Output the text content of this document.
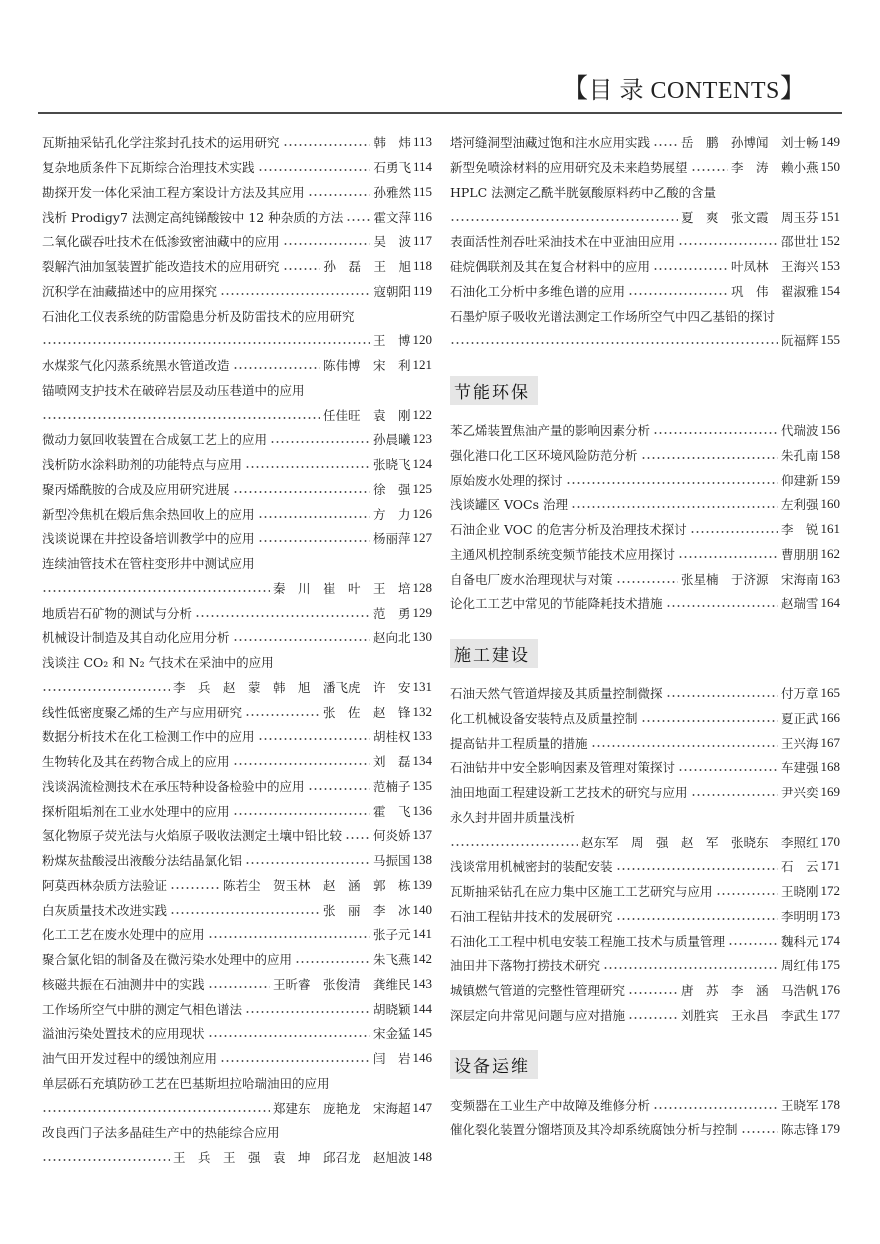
【目 录 CONTENTS】
瓦斯抽采钻孔化学注浆封孔技术的运用研究	韩　炜 113
复杂地质条件下瓦斯综合治理技术实践	石勇飞 114
勘探开发一体化采油工程方案设计方法及其应用	孙雅然 115
浅析 Prodigy7 法测定高纯锑酸铵中 12 种杂质的方法 霍文萍 116
二氧化碳吞吐技术在低渗致密油藏中的应用	吴　波 117
裂解汽油加氢装置扩能改造技术的应用研究	孙　磊　王　旭 118
沉积学在油藏描述中的应用探究	寇朝阳 119
石油化工仪表系统的防雷隐患分析及防雷技术的应用研究
王　博 120
水煤浆气化闪蒸系统黑水管道改造	陈伟博　宋　利 121
锚喷网支护技术在破碎岩层及动压巷道中的应用
任佳旺　袁　刚 122
微动力氨回收装置在合成氨工艺上的应用	孙晨曦 123
浅析防水涂料助剂的功能特点与应用	张晓飞 124
聚丙烯酰胺的合成及应用研究进展	徐　强 125
新型冷焦机在煅后焦余热回收上的应用	方　力 126
浅谈说课在井控设备培训教学中的应用	杨丽萍 127
连续油管技术在管柱变形井中测试应用
秦　川　崔　叶　王　培 128
地质岩石矿物的测试与分析	范　勇 129
机械设计制造及其自动化应用分析	赵向北 130
浅谈注 CO₂ 和 N₂ 气技术在采油中的应用
李　兵　赵　蒙　韩　旭　潘飞虎　许　安 131
线性低密度聚乙烯的生产与应用研究	张　佐　赵　锋 132
数据分析技术在化工检测工作中的应用	胡桂权 133
生物转化及其在药物合成上的应用	刘　磊 134
浅谈涡流检测技术在承压特种设备检验中的应用	范楠子 135
探析阻垢剂在工业水处理中的应用	霍　飞 136
氢化物原子荧光法与火焰原子吸收法测定土壤中铅比较 何炎娇 137
粉煤灰盐酸浸出液酸分法结晶氯化铝	马振国 138
阿莫西林杂质方法验证	陈若尘　贺玉林　赵　涵　郭　栋 139
白灰质量技术改进实践	张　丽　李　冰 140
化工工艺在废水处理中的应用	张子元 141
聚合氯化铝的制备及在微污染水处理中的应用	朱飞燕 142
核磁共振在石油测井中的实践	王昕睿　张俊清　龚维民 143
工作场所空气中肼的测定气相色谱法	胡晓颖 144
溢油污染处置技术的应用现状	宋金猛 145
油气田开发过程中的缓蚀剂应用	闫　岩 146
单层砾石充填防砂工艺在巴基斯坦拉哈瑞油田的应用
郑建东　庞艳龙　宋海超 147
改良西门子法多晶硅生产中的热能综合应用
王　兵　王　强　袁　坤　邱召龙　赵旭波 148
塔河缝洞型油藏过饱和注水应用实践 岳　鹏　孙博闻　刘士畅 149
新型免喷涂材料的应用研究及未来趋势展望	李　涛　赖小燕 150
HPLC 法测定乙酰半胱氨酸原料药中乙酸的含量
夏　爽　张文霞　周玉芬 151
表面活性剂吞吐采油技术在中亚油田应用	邵世壮 152
硅烷偶联剂及其在复合材料中的应用	叶凤林　王海兴 153
石油化工分析中多维色谱的应用	巩　伟　翟淑雅 154
石墨炉原子吸收光谱法测定工作场所空气中四乙基铅的探讨
阮福辉 155
节能环保
苯乙烯装置焦油产量的影响因素分析	代瑞波 156
强化港口化工区环境风险防范分析	朱孔南 158
原始废水处理的探讨	仰建新 159
浅谈罐区 VOCs 治理	左利强 160
石油企业 VOC 的危害分析及治理技术探讨	李　锐 161
主通风机控制系统变频节能技术应用探讨	曹朋朋 162
自备电厂废水治理现状与对策	张星楠　于济源　宋海南 163
论化工工艺中常见的节能降耗技术措施	赵瑞雪 164
施工建设
石油天然气管道焊接及其质量控制微探	付万章 165
化工机械设备安装特点及质量控制	夏正武 166
提高钻井工程质量的措施	王兴海 167
石油钻井中安全影响因素及管理对策探讨	车建强 168
油田地面工程建设新工艺技术的研究与应用	尹兴奕 169
永久封井固井质量浅析
赵东军　周　强　赵　军　张晓东　李照红 170
浅谈常用机械密封的装配安装	石　云 171
瓦斯抽采钻孔在应力集中区施工工艺研究与应用	王晓刚 172
石油工程钻井技术的发展研究	李明明 173
石油化工工程中机电安装工程施工技术与质量管理	魏科元 174
油田井下落物打捞技术研究	周红伟 175
城镇燃气管道的完整性管理研究	唐　苏　李　涵　马浩帆 176
深层定向井常见问题与应对措施	刘胜宾　王永昌　李武生 177
设备运维
变频器在工业生产中故障及维修分析	王晓军 178
催化裂化装置分馏塔顶及其冷却系统腐蚀分析与控制	陈志锋 179
